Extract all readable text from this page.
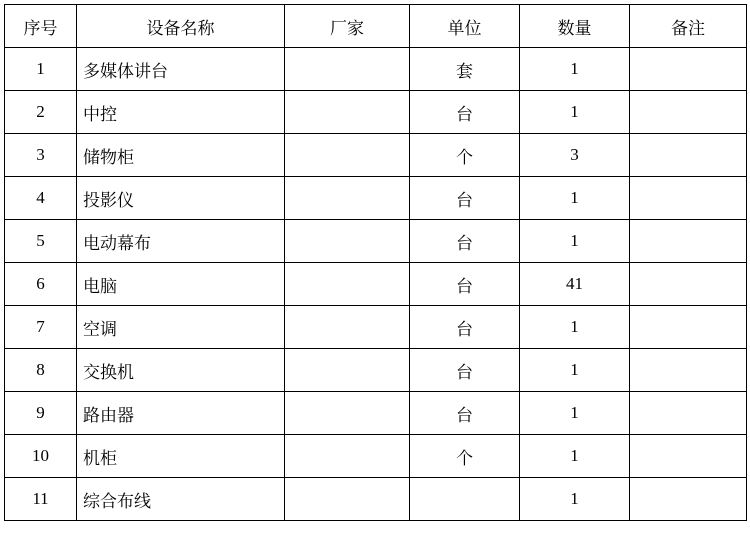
序号	设备名称	厂家	单位	数量	备注
1	多媒体讲台		套	1	
2	中控		台	1	
3	储物柜		个	3	
4	投影仪		台	1	
5	电动幕布		台	1	
6	电脑		台	41	
7	空调		台	1	
8	交换机		台	1	
9	路由器		台	1	
10	机柜		个	1	
11	综合布线			1	
